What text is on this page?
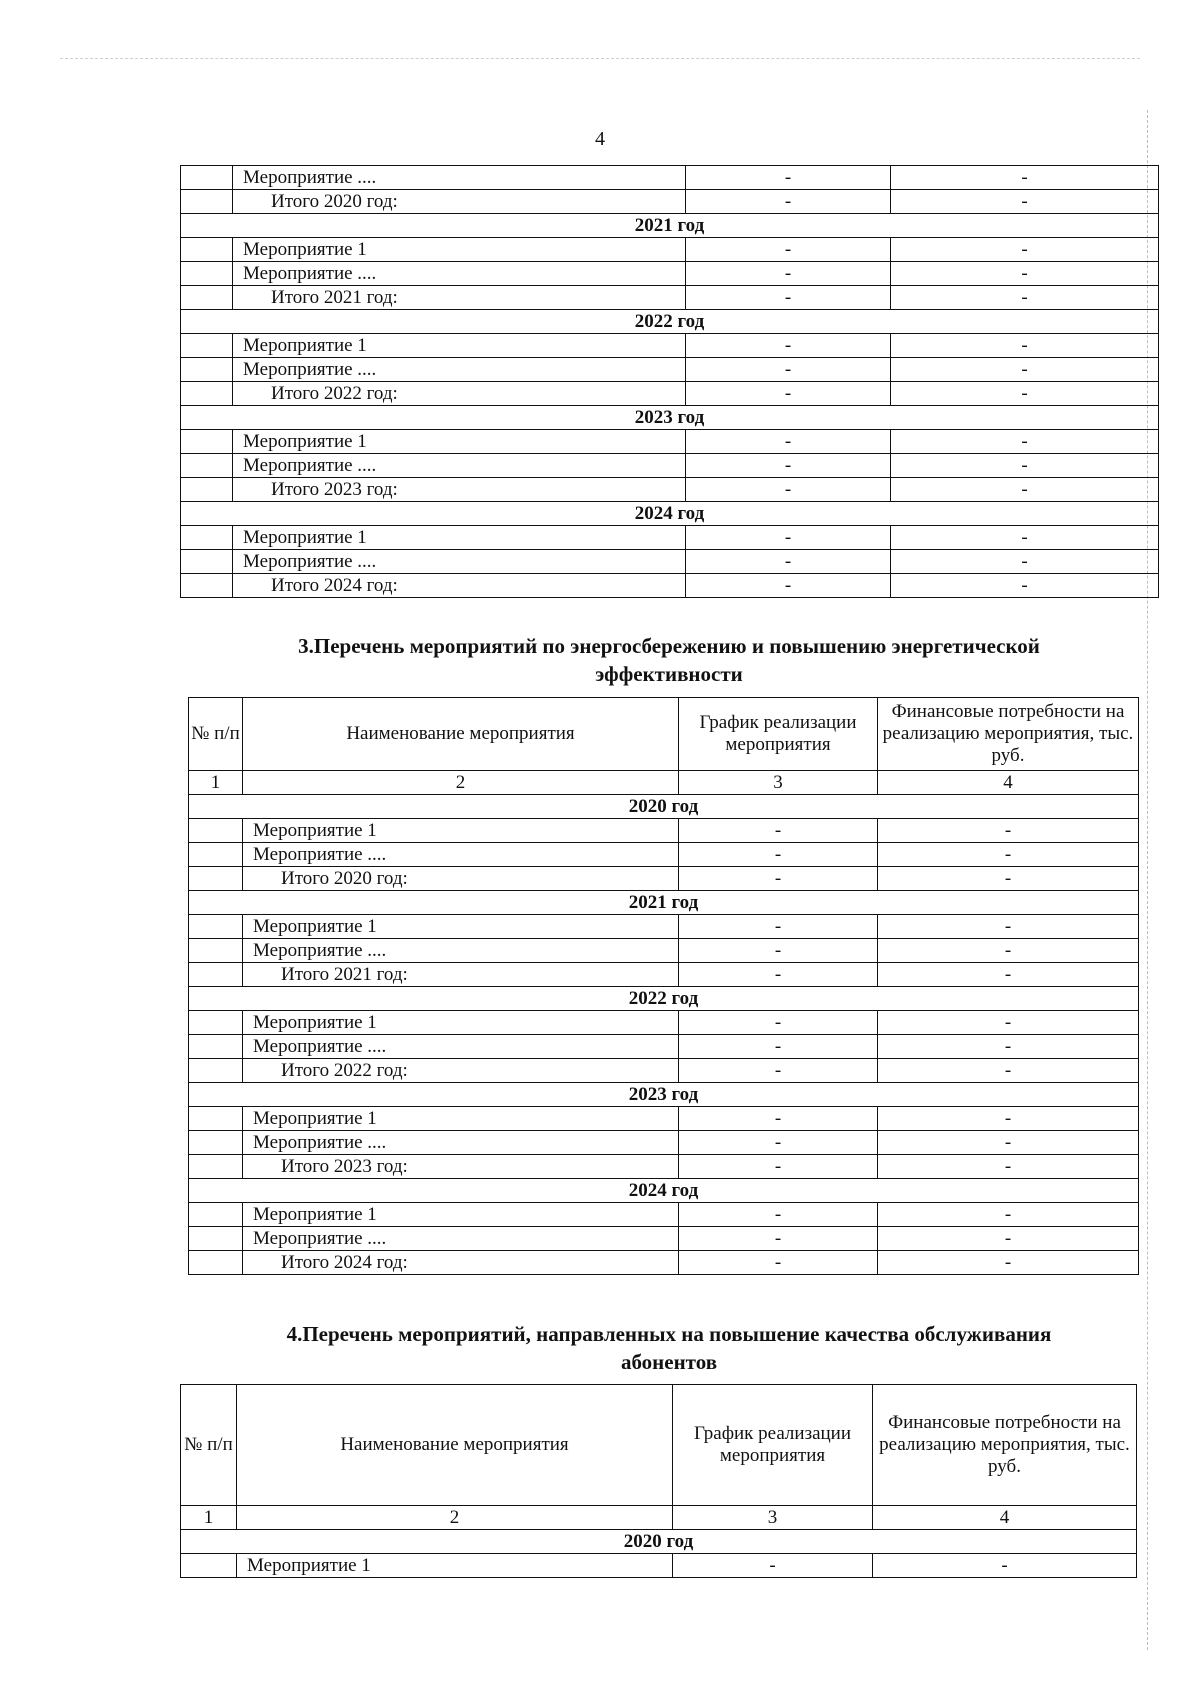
4
	Мероприятие ....	-	-
	Итого 2020 год:	-	-
2021 год			
	Мероприятие 1	-	-
	Мероприятие ....	-	-
	Итого 2021 год:	-	-
2022 год			
	Мероприятие 1	-	-
	Мероприятие ....	-	-
	Итого 2022 год:	-	-
2023 год			
	Мероприятие 1	-	-
	Мероприятие ....	-	-
	Итого 2023 год:	-	-
2024 год			
	Мероприятие 1	-	-
	Мероприятие ....	-	-
	Итого 2024 год:	-	-
3.Перечень мероприятий по энергосбережению и повышению энергетической
эффективности
№ п/п	Наименование мероприятия	График реализации мероприятия	Финансовые потребности на реализацию мероприятия, тыс. руб.
1	2	3	4
2020 год			
	Мероприятие 1	-	-
	Мероприятие ....	-	-
	Итого 2020 год:	-	-
2021 год			
	Мероприятие 1	-	-
	Мероприятие ....	-	-
	Итого 2021 год:	-	-
2022 год			
	Мероприятие 1	-	-
	Мероприятие ....	-	-
	Итого 2022 год:	-	-
2023 год			
	Мероприятие 1	-	-
	Мероприятие ....	-	-
	Итого 2023 год:	-	-
2024 год			
	Мероприятие 1	-	-
	Мероприятие ....	-	-
	Итого 2024 год:	-	-
4.Перечень мероприятий, направленных на повышение качества обслуживания
абонентов
№ п/п	Наименование мероприятия	График реализации мероприятия	Финансовые потребности на реализацию мероприятия, тыс. руб.
1	2	3	4
2020 год			
	Мероприятие 1	-	-
